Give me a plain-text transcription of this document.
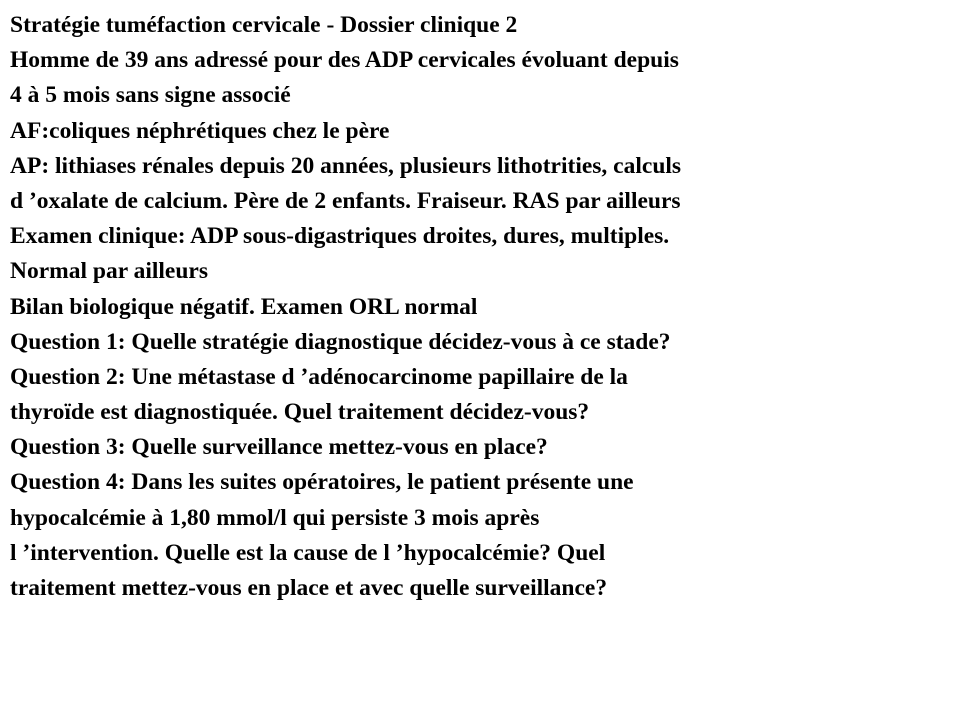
Stratégie tuméfaction cervicale - Dossier clinique 2
Homme de 39 ans adressé pour des ADP cervicales évoluant depuis
4 à 5 mois sans signe associé
AF:coliques néphrétiques chez le père
AP: lithiases rénales depuis 20 années, plusieurs lithotrities, calculs
d ’oxalate de calcium. Père de 2 enfants. Fraiseur. RAS par ailleurs
Examen clinique: ADP sous-digastriques droites, dures, multiples.
Normal par ailleurs
Bilan biologique négatif. Examen ORL normal
Question 1: Quelle stratégie diagnostique décidez-vous à ce stade?
Question 2: Une métastase d ’adénocarcinome papillaire de la
thyroïde est diagnostiquée. Quel traitement décidez-vous?
Question 3: Quelle surveillance mettez-vous en place?
Question 4: Dans les suites opératoires, le patient présente une
hypocalcémie à 1,80 mmol/l qui persiste 3 mois après
l ’intervention. Quelle est la cause de l ’hypocalcémie? Quel
traitement mettez-vous en place et avec quelle surveillance?
